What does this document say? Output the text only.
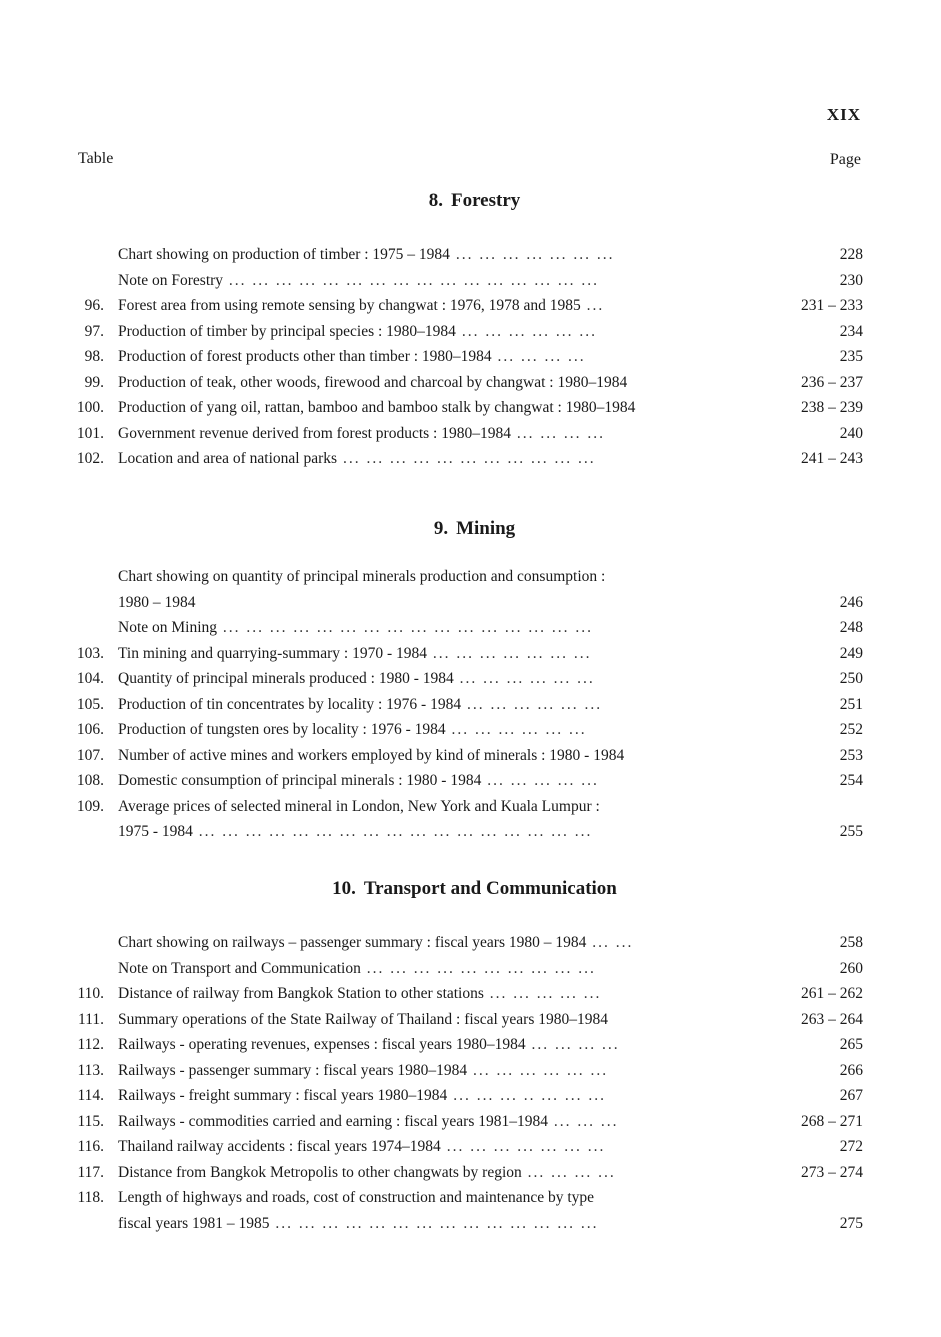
XIX
Table	Page
8. Forestry
Chart showing on production of timber : 1975 – 1984 ... ... ... ... ... ... ...	228
Note on Forestry ... ... ... ... ... ... ... ... ... ... ... ... ... ... ... ...	230
96. Forest area from using remote sensing by changwat : 1976, 1978 and 1985 ...	231 – 233
97. Production of timber by principal species : 1980–1984 ... ... ... ... ... ...	234
98. Production of forest products other than timber : 1980–1984 ... ... ... ...	235
99. Production of teak, other woods, firewood and charcoal by changwat : 1980–1984	236 – 237
100. Production of yang oil, rattan, bamboo and bamboo stalk by changwat : 1980–1984	238 – 239
101. Government revenue derived from forest products : 1980–1984 ... ... ... ...	240
102. Location and area of national parks ... ... ... ... ... ... ... ... ... ... ...	241 – 243
9. Mining
Chart showing on quantity of principal minerals production and consumption :
1980 – 1984	246
Note on Mining ... ... ... ... ... ... ... ... ... ... ... ... ... ... ... ...	248
103. Tin mining and quarrying-summary : 1970 - 1984 ... ... ... ... ... ... ...	249
104. Quantity of principal minerals produced : 1980 - 1984 ... ... ... ... ... ...	250
105. Production of tin concentrates by locality : 1976 - 1984 ... ... ... ... ... ...	251
106. Production of tungsten ores by locality : 1976 - 1984 ... ... ... ... ... ...	252
107. Number of active mines and workers employed by kind of minerals : 1980 - 1984	253
108. Domestic consumption of principal minerals : 1980 - 1984 ... ... ... ... ...	254
109. Average prices of selected mineral in London, New York and Kuala Lumpur :
1975 - 1984 ... ... ... ... ... ... ... ... ... ... ... ... ... ... ... ... ...	255
10. Transport and Communication
Chart showing on railways – passenger summary : fiscal years 1980 – 1984 ... ...	258
Note on Transport and Communication ... ... ... ... ... ... ... ... ... ...	260
110. Distance of railway from Bangkok Station to other stations ... ... ... ... ...	261 – 262
111. Summary operations of the State Railway of Thailand : fiscal years 1980–1984	263 – 264
112. Railways - operating revenues, expenses : fiscal years 1980–1984 ... ... ... ...	265
113. Railways - passenger summary : fiscal years 1980–1984 ... ... ... ... ... ...	266
114. Railways - freight summary : fiscal years 1980–1984 ... ... ... .. ... ... ...	267
115. Railways - commodities carried and earning : fiscal years 1981–1984 ... ... ...	268 – 271
116. Thailand railway accidents : fiscal years 1974–1984 ... ... ... ... ... ... ...	272
117. Distance from Bangkok Metropolis to other changwats by region ... ... ... ...	273 – 274
118. Length of highways and roads, cost of construction and maintenance by type
fiscal years 1981 – 1985 ... ... ... ... ... ... ... ... ... ... ... ... ... ...	275
